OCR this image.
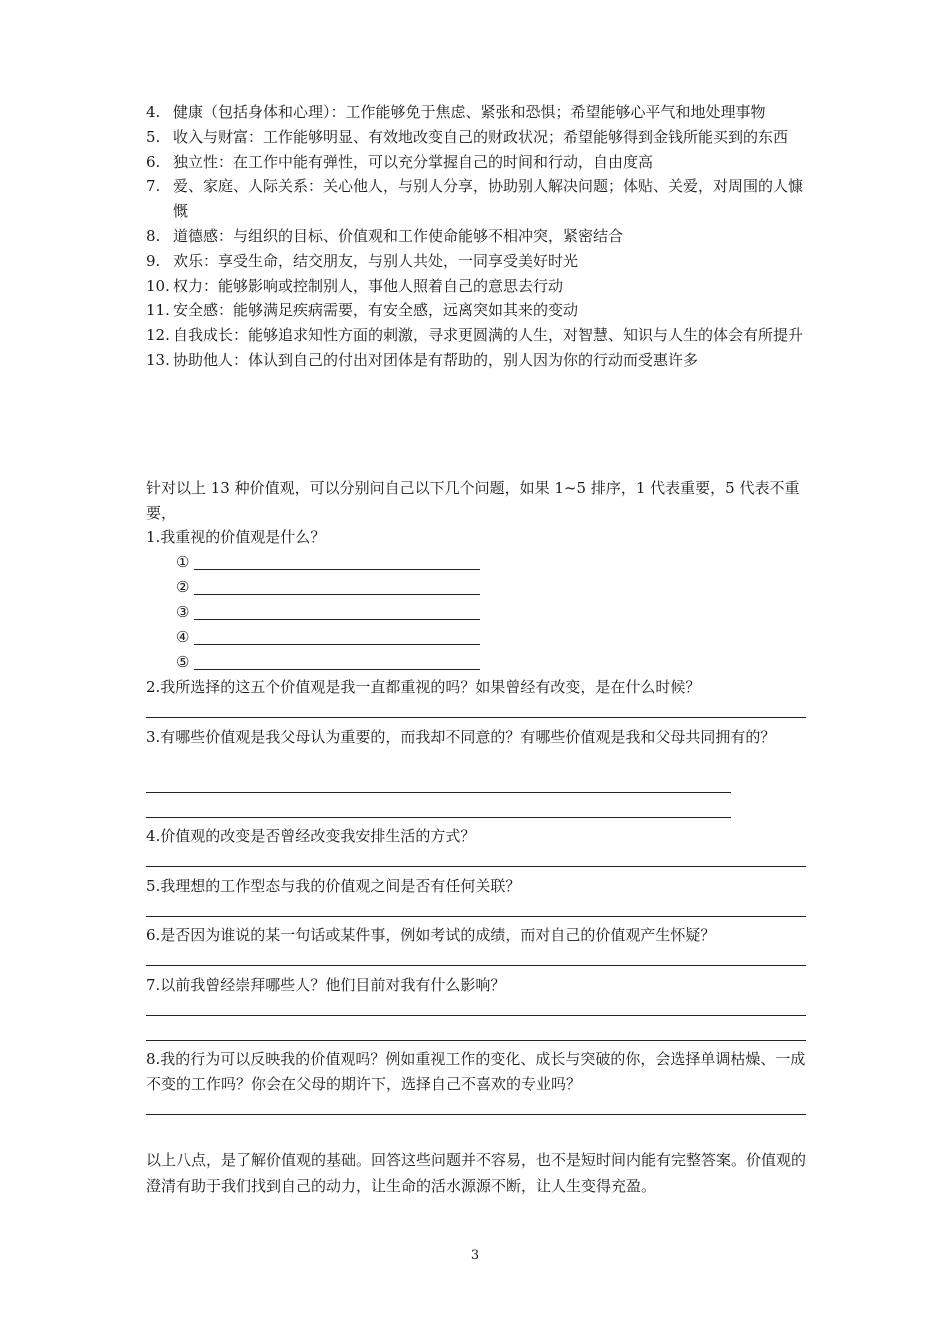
4. 健康（包括身体和心理）：工作能够免于焦虑、紧张和恐惧；希望能够心平气和地处理事物
5. 收入与财富：工作能够明显、有效地改变自己的财政状况；希望能够得到金钱所能买到的东西
6. 独立性：在工作中能有弹性，可以充分掌握自己的时间和行动，自由度高
7. 爱、家庭、人际关系：关心他人，与别人分享，协助别人解决问题；体贴、关爱，对周围的人慷慨
8. 道德感：与组织的目标、价值观和工作使命能够不相冲突，紧密结合
9. 欢乐：享受生命，结交朋友，与别人共处，一同享受美好时光
10. 权力：能够影响或控制别人，事他人照着自己的意思去行动
11. 安全感：能够满足疾病需要，有安全感，远离突如其来的变动
12. 自我成长：能够追求知性方面的刺激，寻求更圆满的人生，对智慧、知识与人生的体会有所提升
13. 协助他人：体认到自己的付出对团体是有帮助的，别人因为你的行动而受惠许多
针对以上 13 种价值观，可以分别问自己以下几个问题，如果 1~5 排序，1 代表重要，5 代表不重要，
1.我重视的价值观是什么？
①
②
③
④
⑤
2.我所选择的这五个价值观是我一直都重视的吗？如果曾经有改变，是在什么时候？
3.有哪些价值观是我父母认为重要的，而我却不同意的？有哪些价值观是我和父母共同拥有的？
4.价值观的改变是否曾经改变我安排生活的方式？
5.我理想的工作型态与我的价值观之间是否有任何关联？
6.是否因为谁说的某一句话或某件事，例如考试的成绩，而对自己的价值观产生怀疑？
7.以前我曾经崇拜哪些人？他们目前对我有什么影响？
8.我的行为可以反映我的价值观吗？例如重视工作的变化、成长与突破的你，会选择单调枯燥、一成不变的工作吗？你会在父母的期许下，选择自己不喜欢的专业吗？
以上八点，是了解价值观的基础。回答这些问题并不容易，也不是短时间内能有完整答案。价值观的澄清有助于我们找到自己的动力，让生命的活水源源不断，让人生变得充盈。
3
